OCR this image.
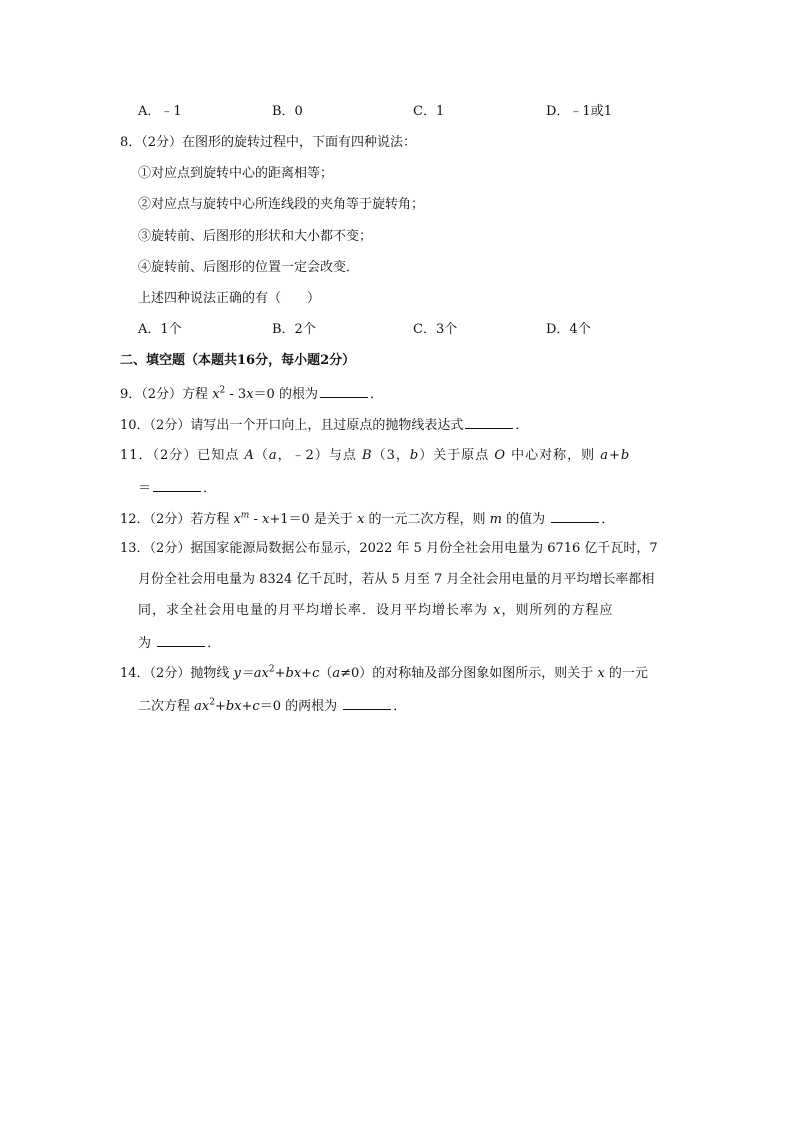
A．﹣1	B．0	C．1	D．﹣1或1
8．（2分）在图形的旋转过程中，下面有四种说法：
①对应点到旋转中心的距离相等；
②对应点与旋转中心所连线段的夹角等于旋转角；
③旋转前、后图形的形状和大小都不变；
④旋转前、后图形的位置一定会改变．
上述四种说法正确的有（　　）
A．1个	B．2个	C．3个	D．4个
二、填空题（本题共16分，每小题2分）
9．（2分）方程 $x^2 - 3x=0$ 的根为	．
10．（2分）请写出一个开口向上，且过原点的抛物线表达式	．
11．（2分）已知点 A（a，﹣2）与点 B（3，b）关于原点 O 中心对称，则 a+b
＝	．
12．（2分）若方程 $x^m - x+1=0$ 是关于 x 的一元二次方程，则 m 的值为	．
13．（2分）据国家能源局数据公布显示，2022 年 5 月份全社会用电量为 6716 亿千瓦时，7
月份全社会用电量为 8324 亿千瓦时，若从 5 月至 7 月全社会用电量的月平均增长率都相
同，求全社会用电量的月平均增长率．设月平均增长率为 x，则所列的方程应
为	．
14．（2分）抛物线 $y=ax^2+bx+c(a\ne 0)$的对称轴及部分图象如图所示，则关于 x 的一元
二次方程 $ax^2+bx+c=0$ 的两根为	．
